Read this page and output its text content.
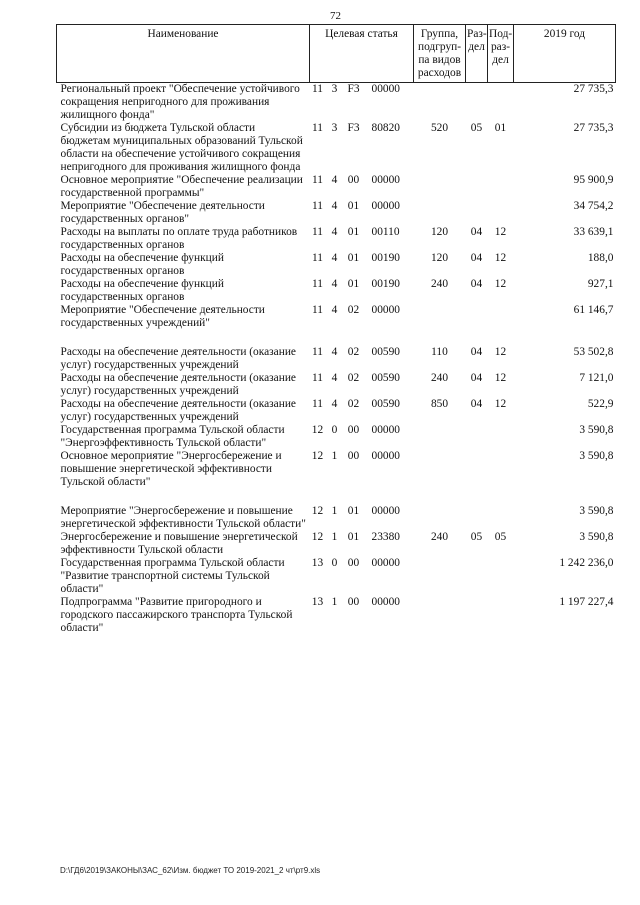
72
Наименование	Целевая статья				Группа, подгруп-па видов расходов	Раз-дел	Под-раз-дел	2019 год
Региональный проект "Обеспечение устойчивого сокращения непригодного для проживания жилищного фонда"	11	3	F3	00000				27 735,3
Субсидии из бюджета Тульской области бюджетам муниципальных образований Тульской области на обеспечение устойчивого сокращения непригодного для проживания жилищного фонда	11	3	F3	80820	520	05	01	27 735,3
Основное мероприятие "Обеспечение реализации государственной программы"	11	4	00	00000				95 900,9
Мероприятие "Обеспечение деятельности государственных органов"	11	4	01	00000				34 754,2
Расходы на выплаты по оплате труда работников государственных органов	11	4	01	00110	120	04	12	33 639,1
Расходы на обеспечение функций государственных органов	11	4	01	00190	120	04	12	188,0
Расходы на обеспечение функций государственных органов	11	4	01	00190	240	04	12	927,1
Мероприятие "Обеспечение деятельности государственных учреждений"	11	4	02	00000				61 146,7
Расходы на обеспечение деятельности (оказание услуг) государственных учреждений	11	4	02	00590	110	04	12	53 502,8
Расходы на обеспечение деятельности (оказание услуг) государственных учреждений	11	4	02	00590	240	04	12	7 121,0
Расходы на обеспечение деятельности (оказание услуг) государственных учреждений	11	4	02	00590	850	04	12	522,9
Государственная программа Тульской области "Энергоэффективность Тульской области"	12	0	00	00000				3 590,8
Основное мероприятие "Энергосбережение и повышение энергетической эффективности Тульской области"	12	1	00	00000				3 590,8
Мероприятие "Энергосбережение и повышение энергетической эффективности Тульской области"	12	1	01	00000				3 590,8
Энергосбережение и повышение энергетической эффективности Тульской области	12	1	01	23380	240	05	05	3 590,8
Государственная программа Тульской области "Развитие транспортной системы Тульской области"	13	0	00	00000				1 242 236,0
Подпрограмма "Развитие пригородного и городского пассажирского транспорта Тульской области"	13	1	00	00000				1 197 227,4
D:\ГД6\2019\ЗАКОНЫ\ЗАС_62\Изм. бюджет ТО 2019-2021_2 чт\рт9.xls
